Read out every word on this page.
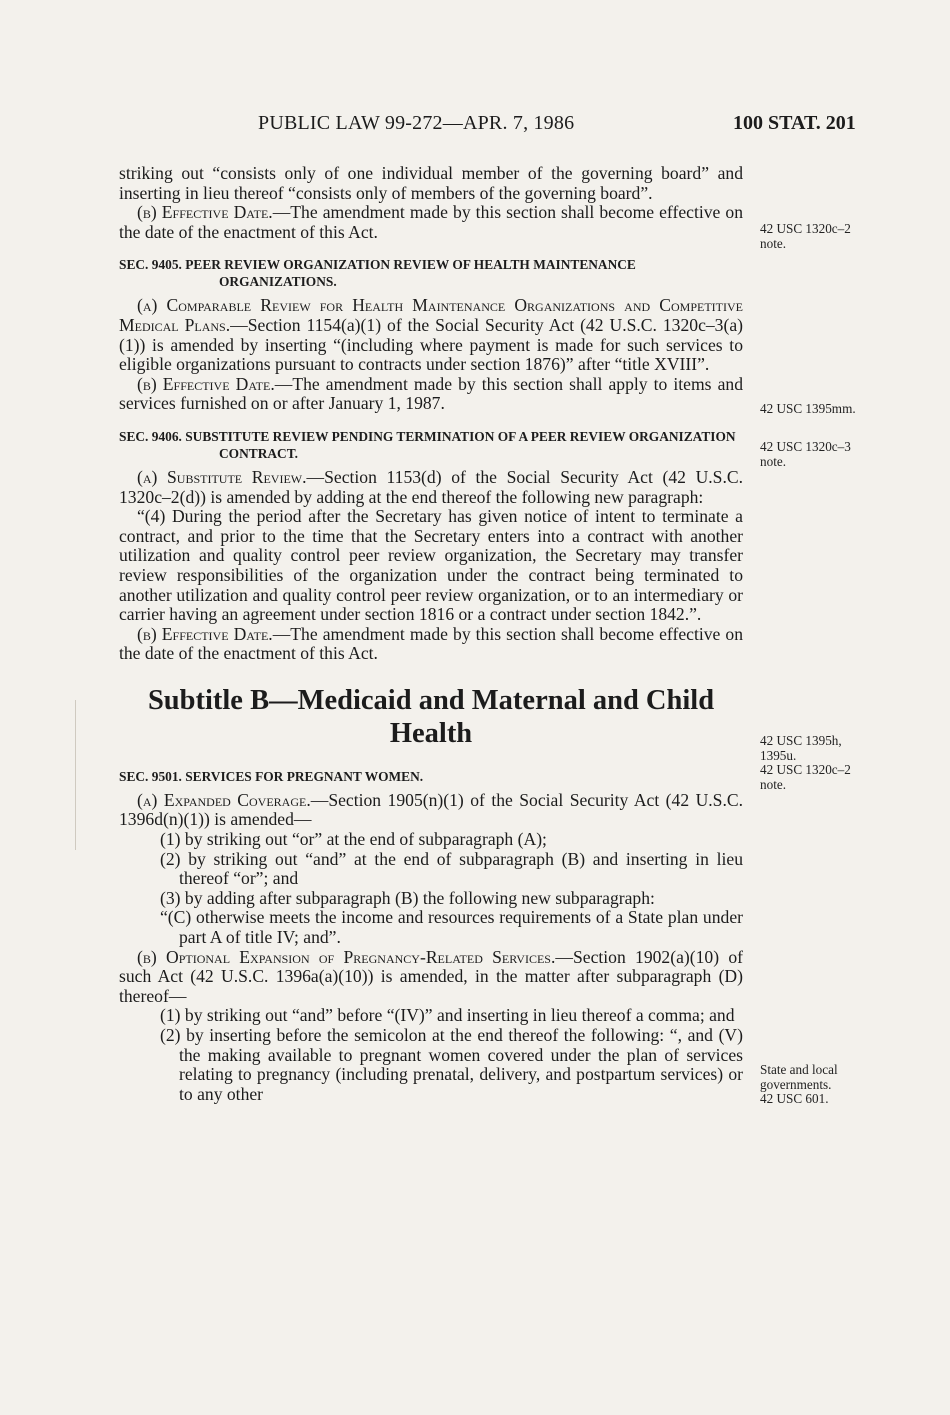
PUBLIC LAW 99-272—APR. 7, 1986	100 STAT. 201

striking out “consists only of one individual member of the governing board” and inserting in lieu thereof “consists only of members of the governing board”.

(b) Effective Date.—The amendment made by this section shall become effective on the date of the enactment of this Act.

SEC. 9405. PEER REVIEW ORGANIZATION REVIEW OF HEALTH MAINTENANCE ORGANIZATIONS.

(a) Comparable Review for Health Maintenance Organizations and Competitive Medical Plans.—Section 1154(a)(1) of the Social Security Act (42 U.S.C. 1320c–3(a)(1)) is amended by inserting “(including where payment is made for such services to eligible organizations pursuant to contracts under section 1876)” after “title XVIII”.

(b) Effective Date.—The amendment made by this section shall apply to items and services furnished on or after January 1, 1987.

SEC. 9406. SUBSTITUTE REVIEW PENDING TERMINATION OF A PEER REVIEW ORGANIZATION CONTRACT.

(a) Substitute Review.—Section 1153(d) of the Social Security Act (42 U.S.C. 1320c–2(d)) is amended by adding at the end thereof the following new paragraph:

“(4) During the period after the Secretary has given notice of intent to terminate a contract, and prior to the time that the Secretary enters into a contract with another utilization and quality control peer review organization, the Secretary may transfer review responsibilities of the organization under the contract being terminated to another utilization and quality control peer review organization, or to an intermediary or carrier having an agreement under section 1816 or a contract under section 1842.”.

(b) Effective Date.—The amendment made by this section shall become effective on the date of the enactment of this Act.

Subtitle B—Medicaid and Maternal and Child Health

SEC. 9501. SERVICES FOR PREGNANT WOMEN.

(a) Expanded Coverage.—Section 1905(n)(1) of the Social Security Act (42 U.S.C. 1396d(n)(1)) is amended—

(1) by striking out “or” at the end of subparagraph (A);

(2) by striking out “and” at the end of subparagraph (B) and inserting in lieu thereof “or”; and

(3) by adding after subparagraph (B) the following new subparagraph:

“(C) otherwise meets the income and resources requirements of a State plan under part A of title IV; and”.

(b) Optional Expansion of Pregnancy-Related Services.—Section 1902(a)(10) of such Act (42 U.S.C. 1396a(a)(10)) is amended, in the matter after subparagraph (D) thereof—

(1) by striking out “and” before “(IV)” and inserting in lieu thereof a comma; and

(2) by inserting before the semicolon at the end thereof the following: “, and (V) the making available to pregnant women covered under the plan of services relating to pregnancy (including prenatal, delivery, and postpartum services) or to any other

42 USC 1320c–2
note.
42 USC 1395mm.
42 USC 1320c–3
note.
42 USC 1395h,
1395u.
42 USC 1320c–2
note.
State and local
governments.
42 USC 601.
